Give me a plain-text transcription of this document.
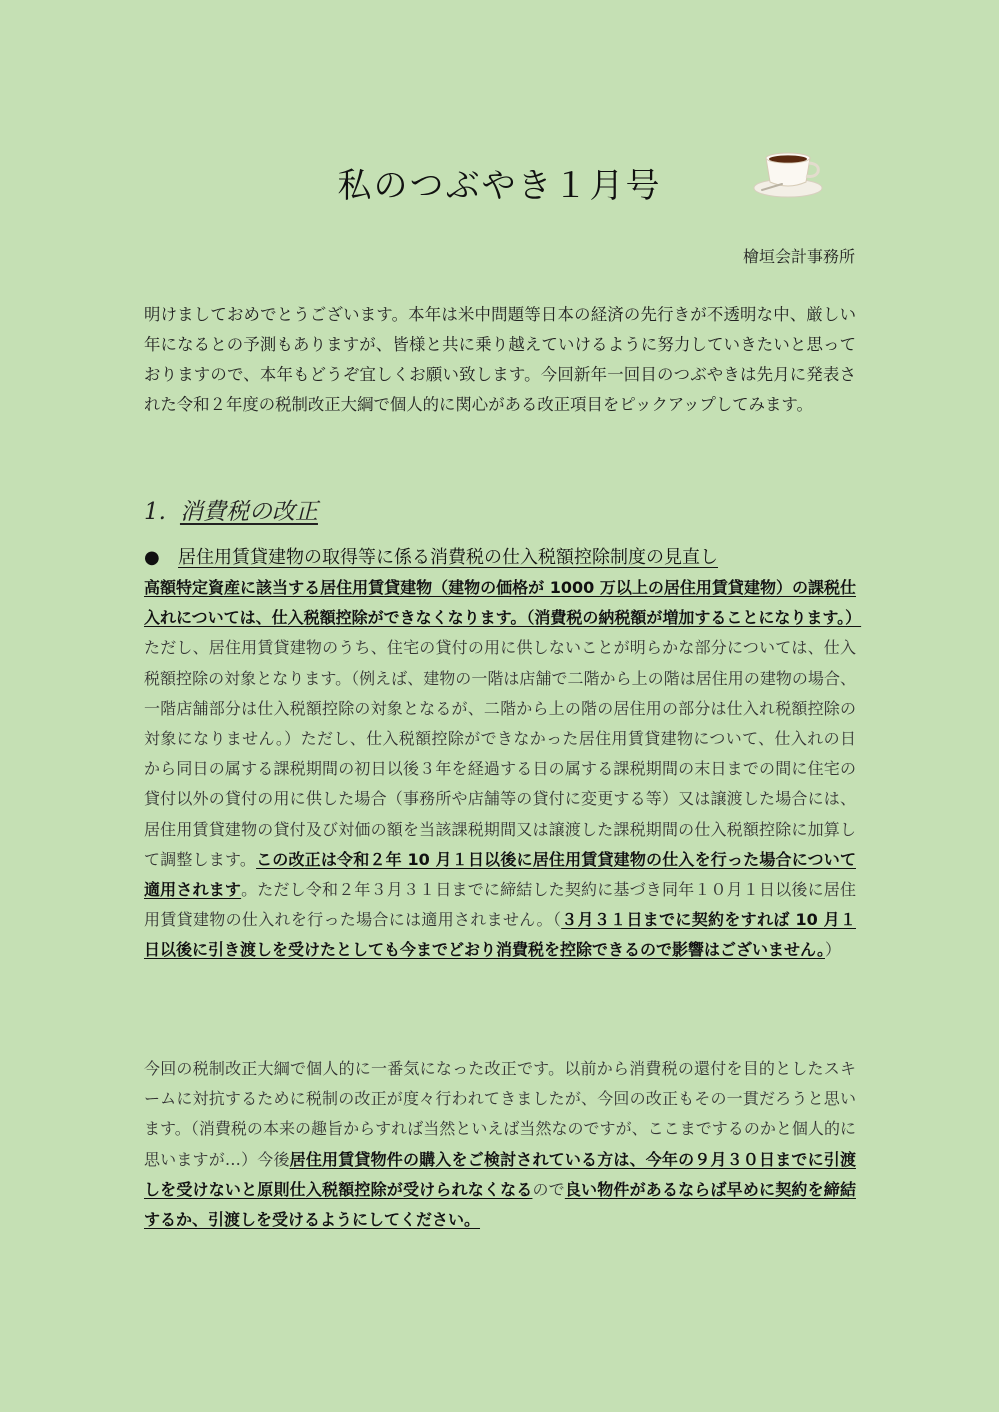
私のつぶやき１月号
檜垣会計事務所
明けましておめでとうございます。本年は米中問題等日本の経済の先行きが不透明な中、厳しい年になるとの予測もありますが、皆様と共に乗り越えていけるように努力していきたいと思っておりますので、本年もどうぞ宜しくお願い致します。今回新年一回目のつぶやきは先月に発表された令和２年度の税制改正大綱で個人的に関心がある改正項目をピックアップしてみます。
1. 消費税の改正
● 居住用賃貸建物の取得等に係る消費税の仕入税額控除制度の見直し
高額特定資産に該当する居住用賃貸建物（建物の価格が 1000 万以上の居住用賃貸建物）の課税仕入れについては、仕入税額控除ができなくなります。（消費税の納税額が増加することになります。）ただし、居住用賃貸建物のうち、住宅の貸付の用に供しないことが明らかな部分については、仕入税額控除の対象となります。（例えば、建物の一階は店舗で二階から上の階は居住用の建物の場合、一階店舗部分は仕入税額控除の対象となるが、二階から上の階の居住用の部分は仕入れ税額控除の対象になりません。）ただし、仕入税額控除ができなかった居住用賃貸建物について、仕入れの日から同日の属する課税期間の初日以後３年を経過する日の属する課税期間の末日までの間に住宅の貸付以外の貸付の用に供した場合（事務所や店舗等の貸付に変更する等）又は譲渡した場合には、居住用賃貸建物の貸付及び対価の額を当該課税期間又は譲渡した課税期間の仕入税額控除に加算して調整します。この改正は令和２年 10 月１日以後に居住用賃貸建物の仕入を行った場合について適用されます。ただし令和２年３月３１日までに締結した契約に基づき同年１０月１日以後に居住用賃貸建物の仕入れを行った場合には適用されません。（３月３１日までに契約をすれば 10 月１日以後に引き渡しを受けたとしても今までどおり消費税を控除できるので影響はございません。）
今回の税制改正大綱で個人的に一番気になった改正です。以前から消費税の還付を目的としたスキームに対抗するために税制の改正が度々行われてきましたが、今回の改正もその一貫だろうと思います。（消費税の本来の趣旨からすれば当然といえば当然なのですが、ここまでするのかと個人的に思いますが…）今後居住用賃貸物件の購入をご検討されている方は、今年の９月３０日までに引渡しを受けないと原則仕入税額控除が受けられなくなるので良い物件があるならば早めに契約を締結するか、引渡しを受けるようにしてください。
